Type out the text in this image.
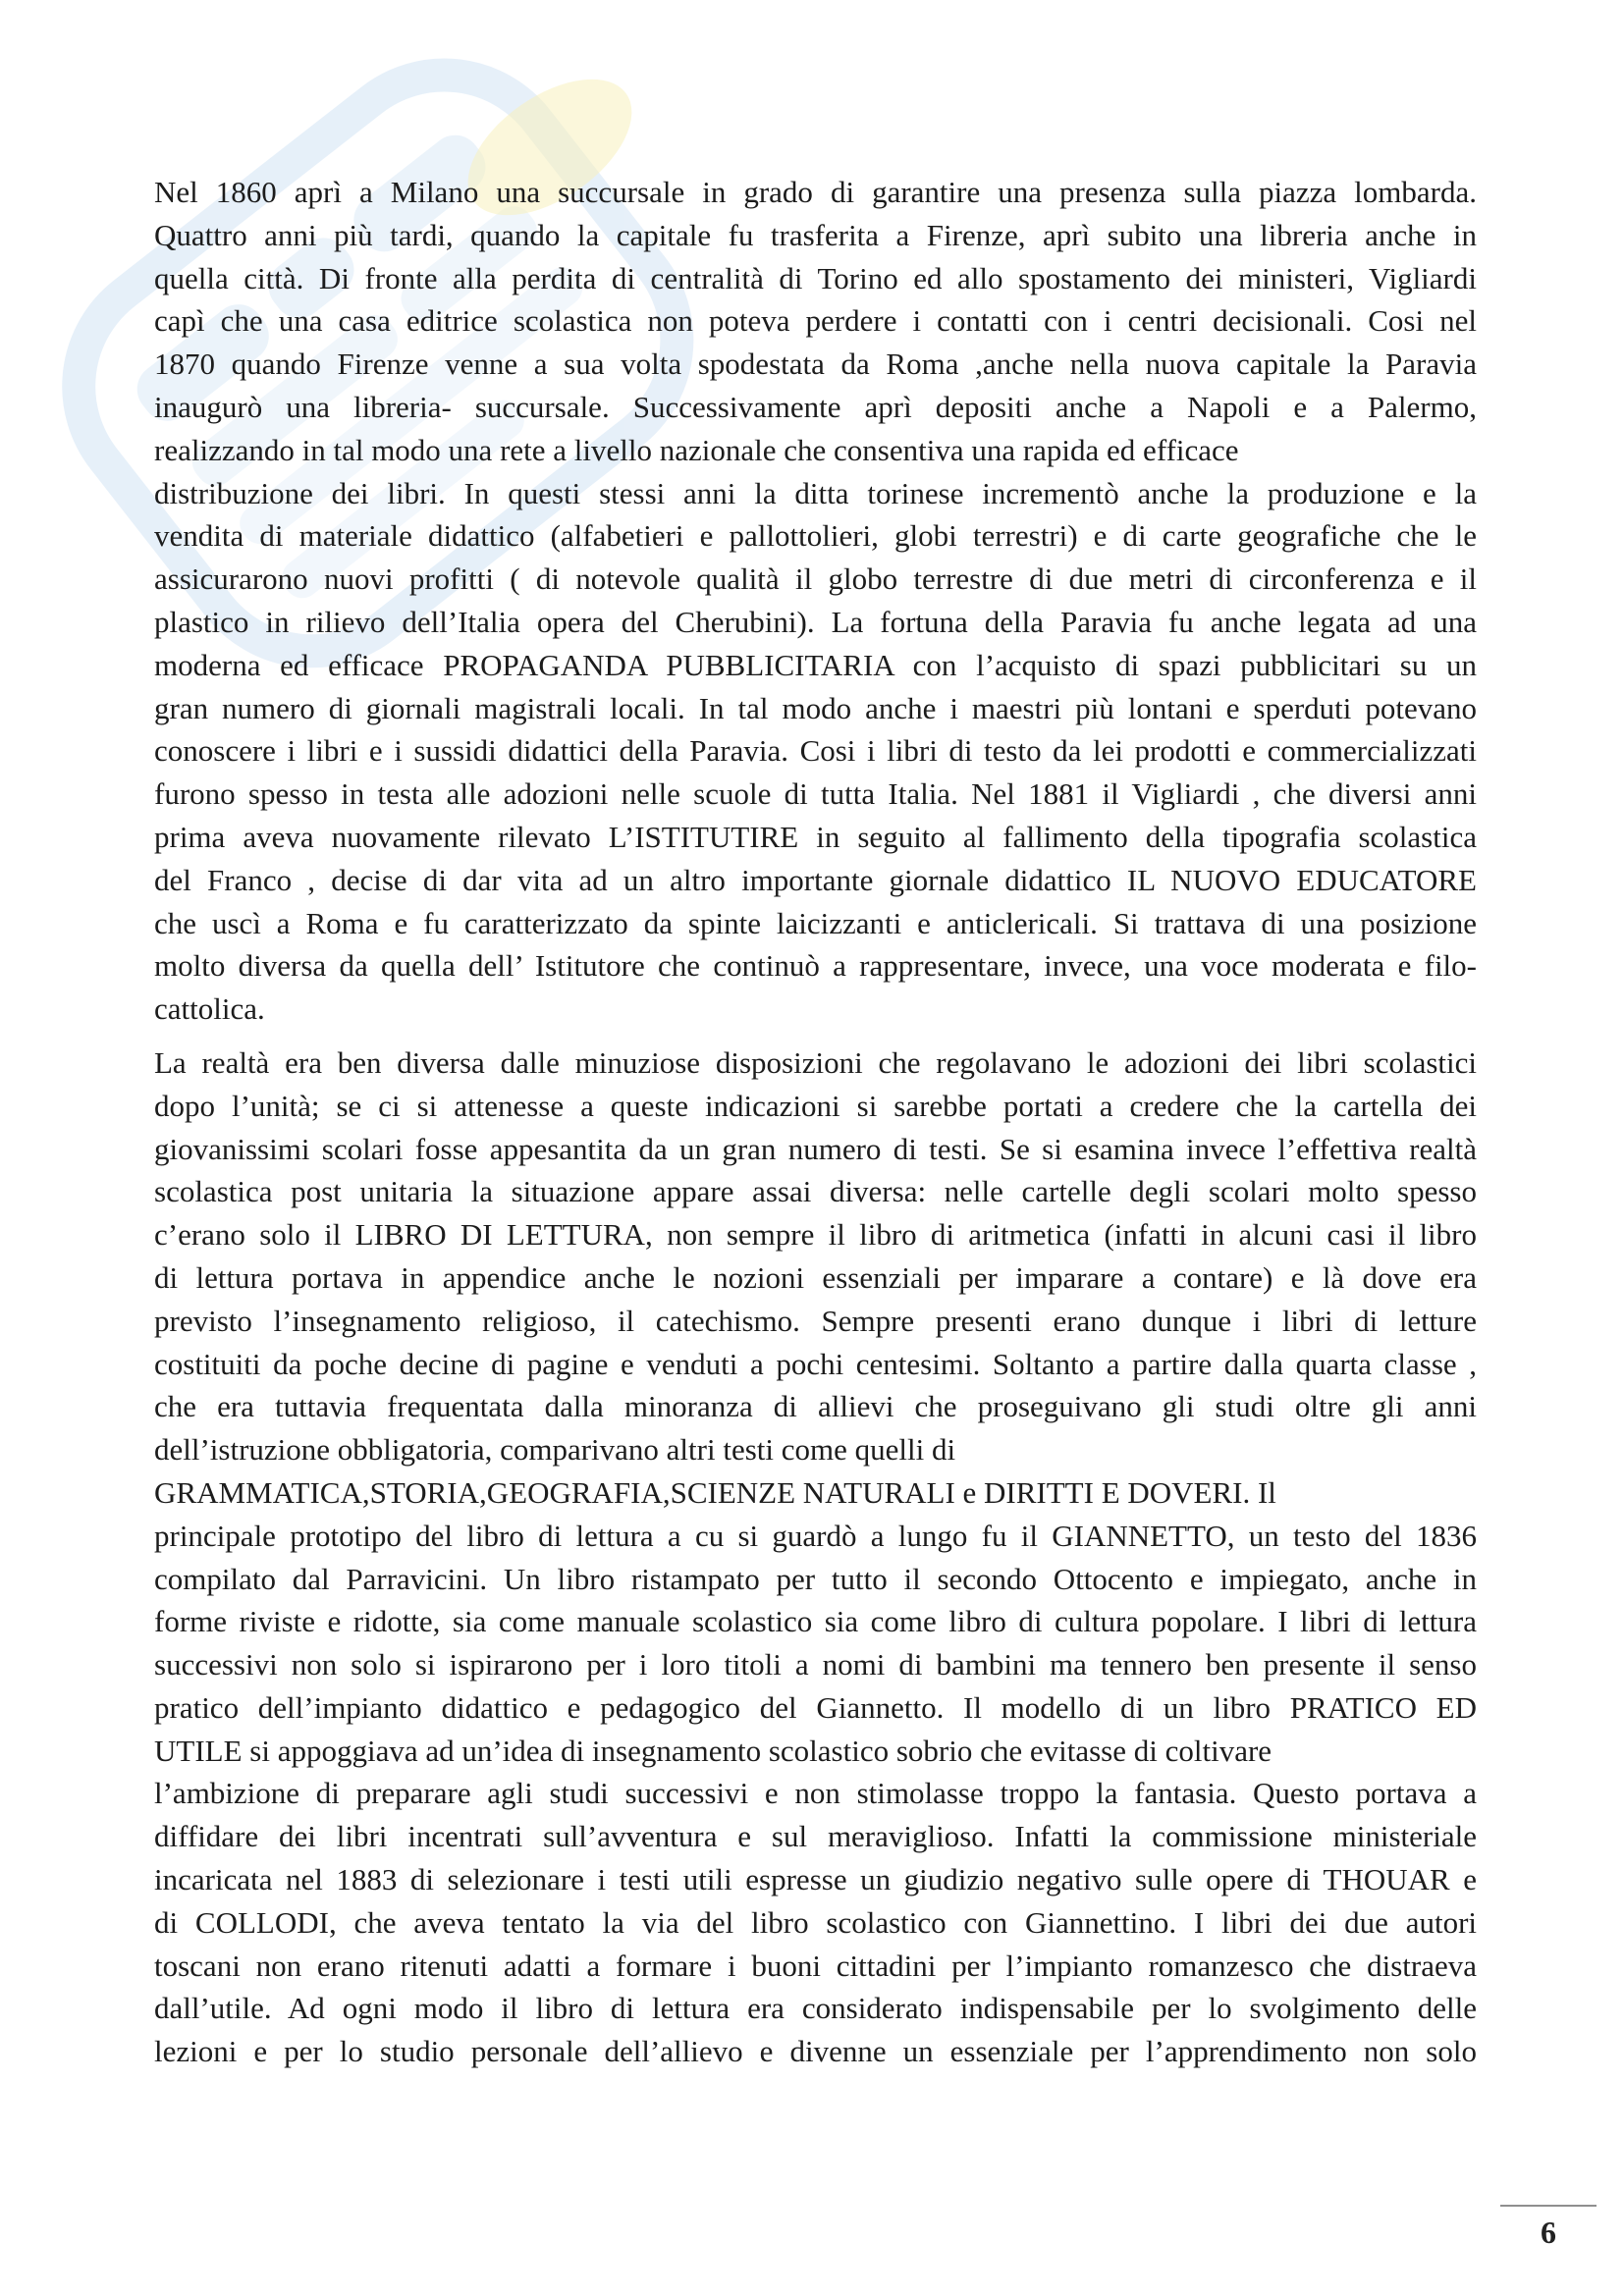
Nel 1860 aprì a Milano una succursale in grado di garantire una presenza sulla piazza lombarda.
Quattro anni più tardi, quando la capitale fu trasferita a Firenze, aprì subito una libreria anche in
quella città. Di fronte alla perdita di centralità di Torino ed allo spostamento dei ministeri, Vigliardi
capì che una casa editrice scolastica non poteva perdere i contatti con i centri decisionali. Cosi nel
1870 quando Firenze venne a sua volta spodestata da Roma ,anche nella nuova capitale la Paravia
inaugurò una libreria- succursale. Successivamente aprì depositi anche a Napoli e a Palermo,
realizzando in tal modo una rete a livello nazionale che consentiva una rapida ed efficace
distribuzione dei libri. In questi stessi anni la ditta torinese incrementò anche la produzione e la
vendita di materiale didattico (alfabetieri e pallottolieri, globi terrestri) e di carte geografiche che le
assicurarono nuovi profitti ( di notevole qualità il globo terrestre di due metri di circonferenza e il
plastico in rilievo dell’Italia opera del Cherubini). La fortuna della Paravia fu anche legata ad una
moderna ed efficace PROPAGANDA PUBBLICITARIA con l’acquisto di spazi pubblicitari su un
gran numero di giornali magistrali locali. In tal modo anche i maestri più lontani e sperduti potevano
conoscere i libri e i sussidi didattici della Paravia. Cosi i libri di testo da lei prodotti e commercializzati
furono spesso in testa alle adozioni nelle scuole di tutta Italia. Nel 1881 il Vigliardi , che diversi anni
prima aveva nuovamente rilevato L’ISTITUTIRE in seguito al fallimento della tipografia scolastica
del Franco , decise di dar vita ad un altro importante giornale didattico IL NUOVO EDUCATORE
che uscì a Roma e fu caratterizzato da spinte laicizzanti e anticlericali. Si trattava di una posizione
molto diversa da quella dell’ Istitutore che continuò a rappresentare, invece, una voce moderata e filo-
cattolica.
La realtà era ben diversa dalle minuziose disposizioni che regolavano le adozioni dei libri scolastici
dopo l’unità; se ci si attenesse a queste indicazioni si sarebbe portati a credere che la cartella dei
giovanissimi scolari fosse appesantita da un gran numero di testi. Se si esamina invece l’effettiva realtà
scolastica post unitaria la situazione appare assai diversa: nelle cartelle degli scolari molto spesso
c’erano solo il LIBRO DI LETTURA, non sempre il libro di aritmetica (infatti in alcuni casi il libro
di lettura portava in appendice anche le nozioni essenziali per imparare a contare) e là dove era
previsto l’insegnamento religioso, il catechismo. Sempre presenti erano dunque i libri di letture
costituiti da poche decine di pagine e venduti a pochi centesimi. Soltanto a partire dalla quarta classe ,
che era tuttavia frequentata dalla minoranza di allievi che proseguivano gli studi oltre gli anni
dell’istruzione obbligatoria, comparivano altri testi come quelli di
GRAMMATICA,STORIA,GEOGRAFIA,SCIENZE NATURALI e DIRITTI E DOVERI. Il
principale prototipo del libro di lettura a cu si guardò a lungo fu il GIANNETTO, un testo del 1836
compilato dal Parravicini. Un libro ristampato per tutto il secondo Ottocento e impiegato, anche in
forme riviste e ridotte, sia come manuale scolastico sia come libro di cultura popolare. I libri di lettura
successivi non solo si ispirarono per i loro titoli a nomi di bambini ma tennero ben presente il senso
pratico dell’impianto didattico e pedagogico del Giannetto. Il modello di un libro PRATICO ED
UTILE si appoggiava ad un’idea di insegnamento scolastico sobrio che evitasse di coltivare
l’ambizione di preparare agli studi successivi e non stimolasse troppo la fantasia. Questo portava a
diffidare dei libri incentrati sull’avventura e sul meraviglioso. Infatti la commissione ministeriale
incaricata nel 1883 di selezionare i testi utili espresse un giudizio negativo sulle opere di THOUAR e
di COLLODI, che aveva tentato la via del libro scolastico con Giannettino. I libri dei due autori
toscani non erano ritenuti adatti a formare i buoni cittadini per l’impianto romanzesco che distraeva
dall’utile. Ad ogni modo il libro di lettura era considerato indispensabile per lo svolgimento delle
lezioni e per lo studio personale dell’allievo e divenne un essenziale per l’apprendimento non solo
6
